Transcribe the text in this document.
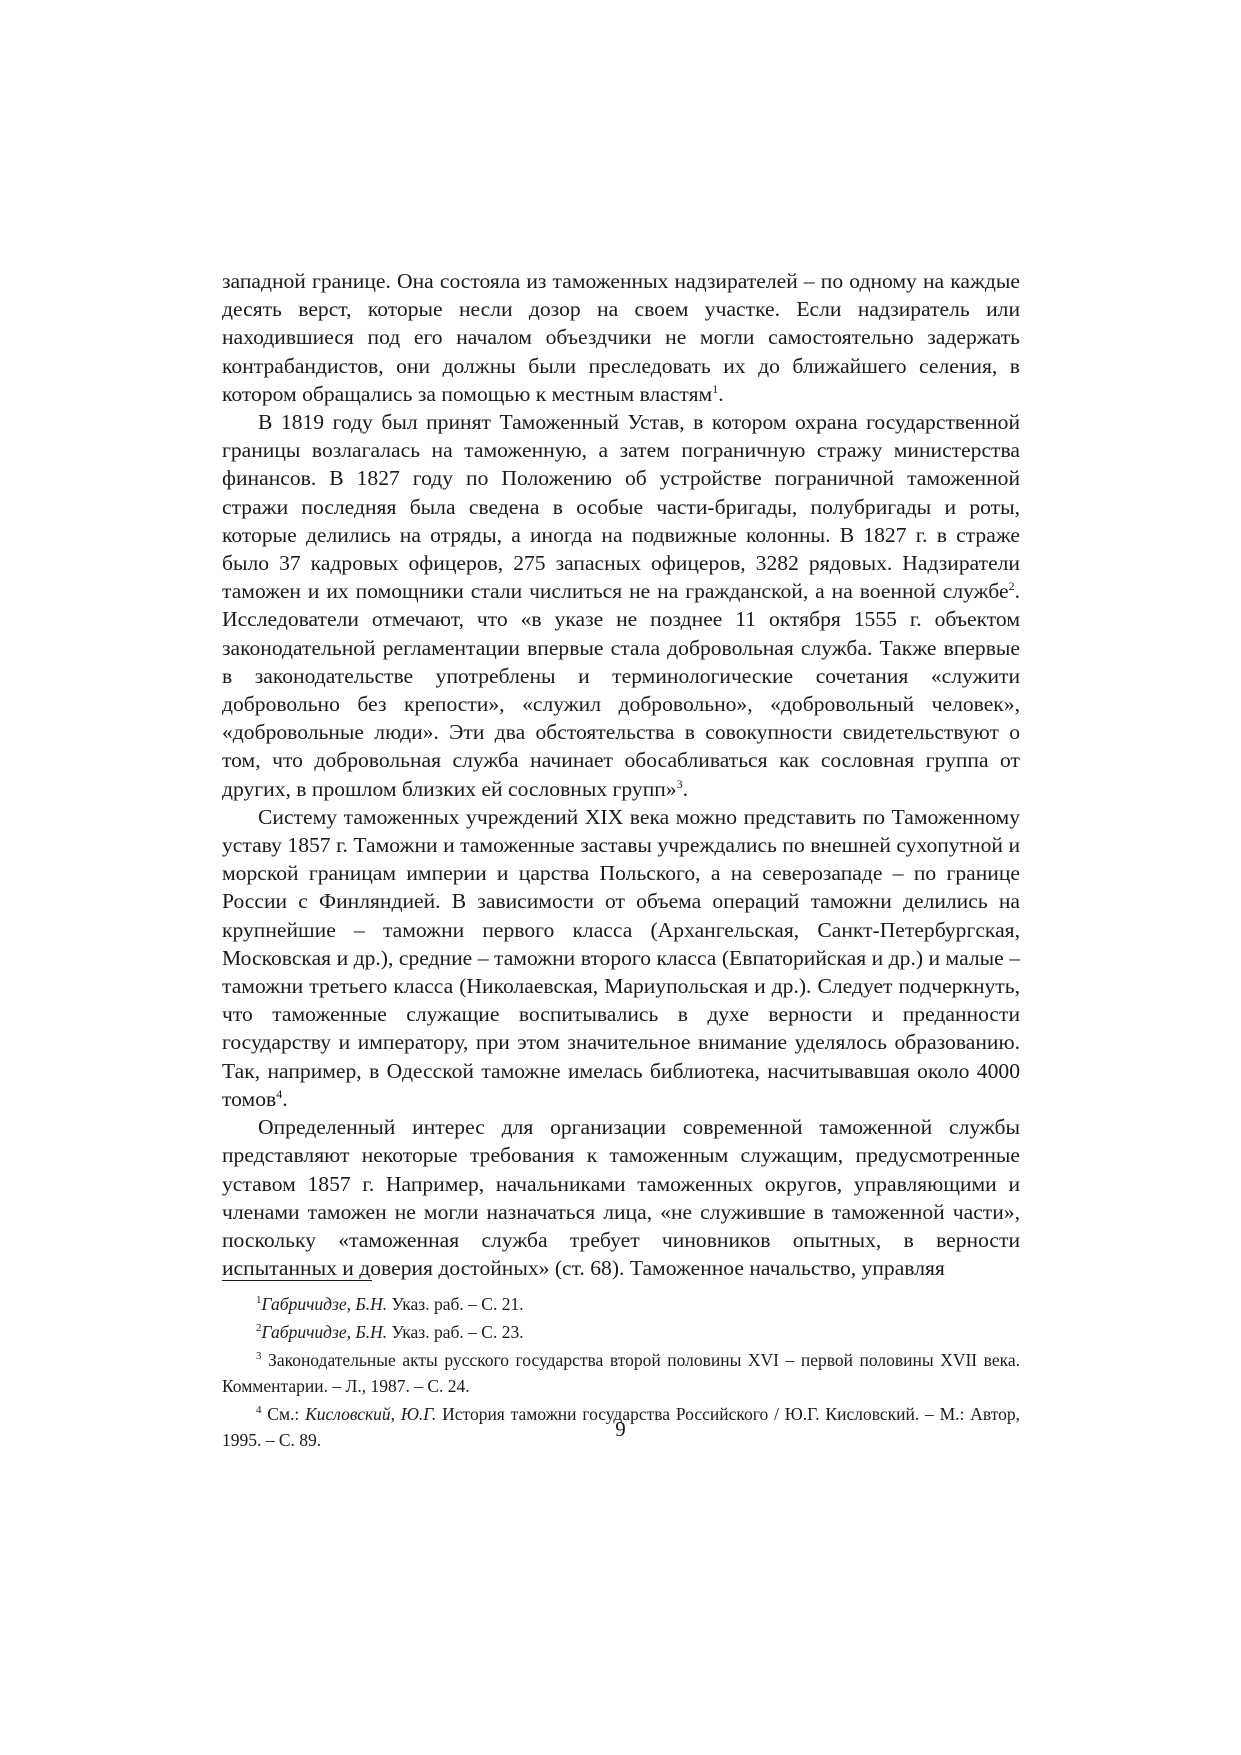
западной границе. Она состояла из таможенных надзирателей – по одному на каждые десять верст, которые несли дозор на своем участке. Если надзиратель или находившиеся под его началом объездчики не могли самостоятельно задержать контрабандистов, они должны были преследовать их до ближайшего селения, в котором обращались за помощью к местным властям$^1$.

В 1819 году был принят Таможенный Устав, в котором охрана государственной границы возлагалась на таможенную, а затем пограничную стражу министерства финансов. В 1827 году по Положению об устройстве пограничной таможенной стражи последняя была сведена в особые части-бригады, полубригады и роты, которые делились на отряды, а иногда на подвижные колонны. В 1827 г. в страже было 37 кадровых офицеров, 275 запасных офицеров, 3282 рядовых. Надзиратели таможен и их помощники стали числиться не на гражданской, а на военной службе$^2$. Исследователи отмечают, что «в указе не позднее 11 октября 1555 г. объектом законодательной регламентации впервые стала добровольная служба. Также впервые в законодательстве употреблены и терминологические сочетания «служити добровольно без крепости», «служил добровольно», «добровольный человек», «добровольные люди». Эти два обстоятельства в совокупности свидетельствуют о том, что добровольная служба начинает обосабливаться как сословная группа от других, в прошлом близких ей сословных групп»$^3$.

Систему таможенных учреждений XIX века можно представить по Таможенному уставу 1857 г. Таможни и таможенные заставы учреждались по внешней сухопутной и морской границам империи и царства Польского, а на северозападе – по границе России с Финляндией. В зависимости от объема операций таможни делились на крупнейшие – таможни первого класса (Архангельская, Санкт-Петербургская, Московская и др.), средние – таможни второго класса (Евпаторийская и др.) и малые – таможни третьего класса (Николаевская, Мариупольская и др.). Следует подчеркнуть, что таможенные служащие воспитывались в духе верности и преданности государству и императору, при этом значительное внимание уделялось образованию. Так, например, в Одесской таможне имелась библиотека, насчитывавшая около 4000 томов$^4$.

Определенный интерес для организации современной таможенной службы представляют некоторые требования к таможенным служащим, предусмотренные уставом 1857 г. Например, начальниками таможенных округов, управляющими и членами таможен не могли назначаться лица, «не служившие в таможенной части», поскольку «таможенная служба требует чиновников опытных, в верности испытанных и доверия достойных» (ст. 68). Таможенное начальство, управляя

$^1$Габричидзе, Б.Н. Указ. раб. – С. 21.

$^2$Габричидзе, Б.Н. Указ. раб. – С. 23.

$^3$ Законодательные акты русского государства второй половины XVI – первой половины XVII века. Комментарии. – Л., 1987. – С. 24.

$^4$ См.: Кисловский, Ю.Г. История таможни государства Российского / Ю.Г. Кисловский. – М.: Автор, 1995. – С. 89.	9
